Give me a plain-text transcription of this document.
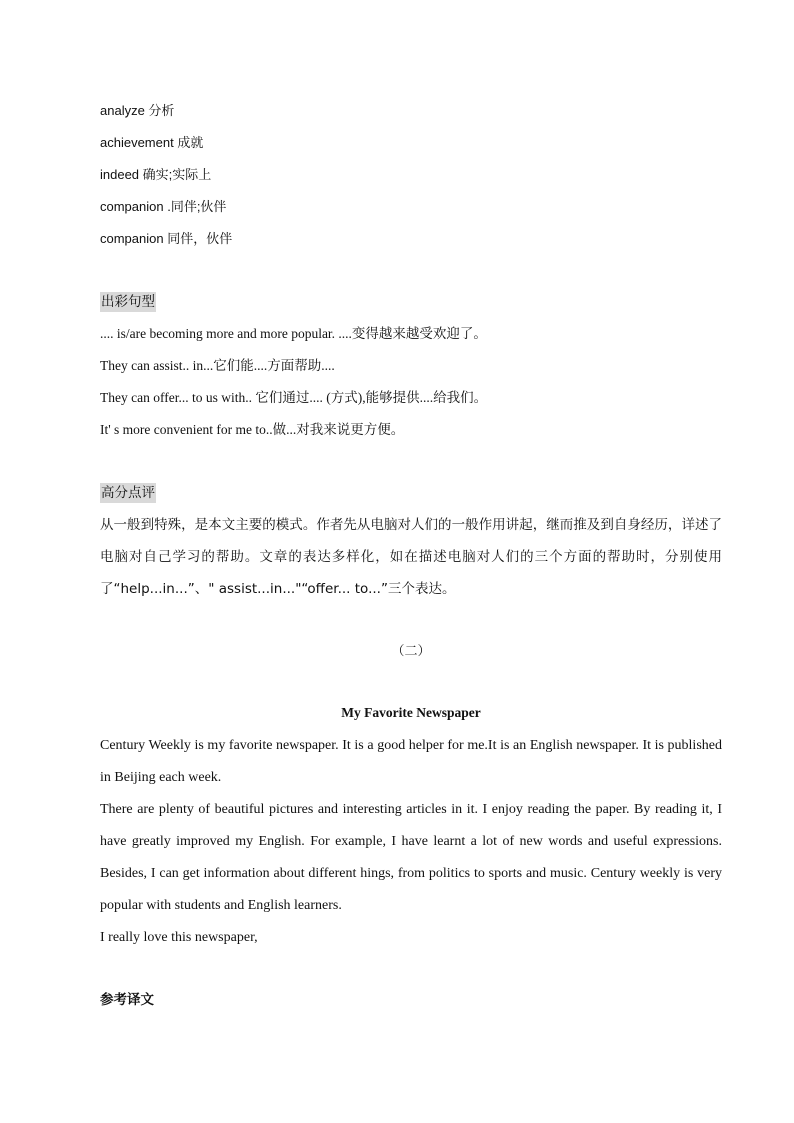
analyze 分析
achievement 成就
indeed 确实;实际上
companion .同伴;伙伴
companion 同伴，伙伴
出彩句型
.... is/are becoming more and more popular. ....变得越来越受欢迎了。
They can assist.. in...它们能....方面帮助....
They can offer... to us with.. 它们通过.... (方式),能够提供....给我们。
It' s more convenient for me to..做...对我来说更方便。
高分点评
从一般到特殊，是本文主要的模式。作者先从电脑对人们的一般作用讲起，继而推及到自身经历，详述了电脑对自己学习的帮助。文章的表达多样化，如在描述电脑对人们的三个方面的帮助时，分别使用了“help...in...”、" assist...in..."“offer... to...”三个表达。
（二）
My Favorite Newspaper
Century Weekly is my favorite newspaper. It is a good helper for me.It is an English newspaper. It is published in Beijing each week.
There are plenty of beautiful pictures and interesting articles in it. I enjoy reading the paper. By reading it, I have greatly improved my English. For example, I have learnt a lot of new words and useful expressions. Besides, I can get information about different hings, from politics to sports and music. Century weekly is very popular with students and English learners.
I really love this newspaper,
参考译文
